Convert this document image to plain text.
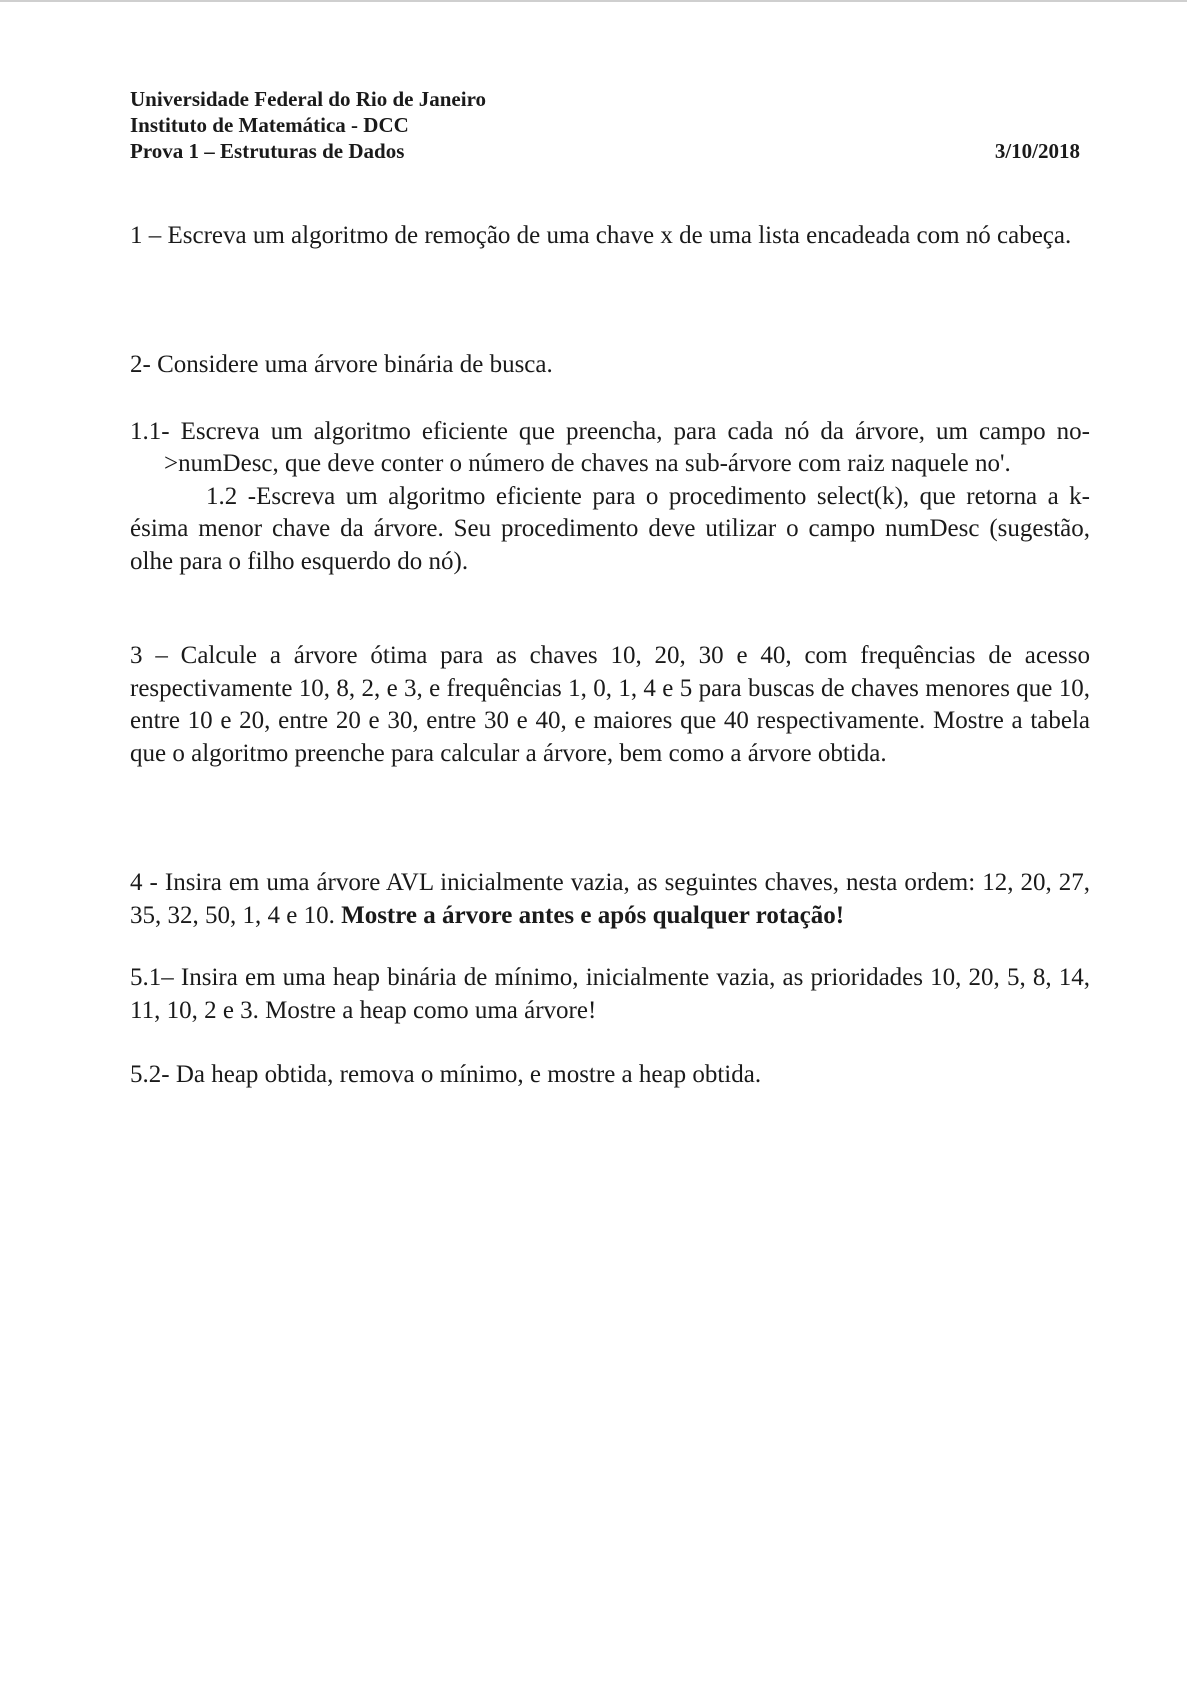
Universidade Federal do Rio de Janeiro
Instituto de Matemática - DCC
Prova 1 – Estruturas de Dados	3/10/2018

1 – Escreva um algoritmo de remoção de uma chave x de uma lista encadeada com nó cabeça.

2- Considere uma árvore binária de busca.

1.1- Escreva um algoritmo eficiente que preencha, para cada nó da árvore, um campo no->numDesc, que deve conter o número de chaves na sub-árvore com raiz naquele no'.

1.2 -Escreva um algoritmo eficiente para o procedimento select(k), que retorna a k-ésima menor chave da árvore. Seu procedimento deve utilizar o campo numDesc (sugestão, olhe para o filho esquerdo do nó).

3 – Calcule a árvore ótima para as chaves 10, 20, 30 e 40, com frequências de acesso respectivamente 10, 8, 2, e 3, e frequências 1, 0, 1, 4 e 5 para buscas de chaves menores que 10, entre 10 e 20, entre 20 e 30, entre 30 e 40, e maiores que 40 respectivamente. Mostre a tabela que o algoritmo preenche para calcular a árvore, bem como a árvore obtida.

4 - Insira em uma árvore AVL inicialmente vazia, as seguintes chaves, nesta ordem: 12, 20, 27, 35, 32, 50, 1, 4 e 10. Mostre a árvore antes e após qualquer rotação!

5.1– Insira em uma heap binária de mínimo, inicialmente vazia, as prioridades 10, 20, 5, 8, 14, 11, 10, 2 e 3. Mostre a heap como uma árvore!

5.2- Da heap obtida, remova o mínimo, e mostre a heap obtida.
